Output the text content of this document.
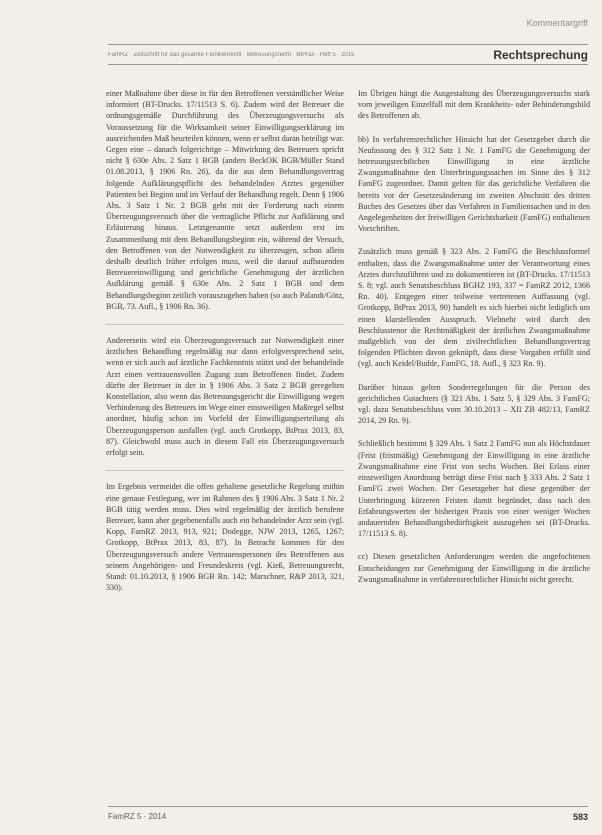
Kommentargriff
FamRZ · Zeitschrift für das gesamte Familienrecht · Betreuungsrecht · BtPrax · Heft 5 · 2015	Rechtsprechung

einer Maßnahme über diese in für den Betroffenen verständlicher Weise informiert (BT-Drucks. 17/11513 S. 6). Zudem wird der Betreuer die ordnungsgemäße Durchführung des Überzeugungsversuchs als Voraussetzung für die Wirksamkeit seiner Einwilligungserklärung im ausreichenden Maß beurteilen können, wenn er selbst daran beteiligt war. Gegen eine – danach folgerichtige – Mitwirkung des Betreuers spricht nicht § 630e Abs. 2 Satz 1 BGB (anders BeckOK BGB/Müller Stand 01.08.2013, § 1906 Rn. 26), da die aus dem Behandlungsvertrag folgende Aufklärungspflicht des behandelnden Arztes gegenüber Patienten bei Beginn und im Verlauf der Behandlung regelt. Denn § 1906 Abs. 3 Satz 1 Nr. 2 BGB geht mit der Forderung nach einem Überzeugungsversuch über die vertragliche Pflicht zur Aufklärung und Erläuterung hinaus. Letztgenannte setzt außerdem erst im Zusammenhang mit dem Behandlungsbeginn ein, während der Versuch, den Betroffenen von der Notwendigkeit zu überzeugen, schon allein deshalb deutlich früher erfolgen muss, weil die darauf aufbauenden Betreuereinwilligung und gerichtliche Genehmigung der ärztlichen Aufklärung gemäß § 630e Abs. 2 Satz 1 BGB und dem Behandlungsbeginn zeitlich vorauszugehen haben (so auch Palandt/Götz, BGB, 73. Aufl., § 1906 Rn. 36).

Andererseits wird ein Überzeugungsversuch zur Notwendigkeit einer ärztlichen Behandlung regelmäßig nur dann erfolgversprechend sein, wenn er sich auch auf ärztliche Fachkenntnis stützt und der behandelnde Arzt einen vertrauensvollen Zugang zum Betroffenen findet. Zudem dürfte der Betreuer in der in § 1906 Abs. 3 Satz 2 BGB geregelten Konstellation, also wenn das Betreuungsgericht die Einwilligung wegen Verhinderung des Betreuers im Wege einer einstweiligen Maßregel selbst anordnet, häufig schon im Vorfeld der Einwilligungserteilung als Überzeugungsperson ausfallen (vgl. auch Grotkopp, BtPrax 2013, 83, 87). Gleichwohl muss auch in diesem Fall ein Überzeugungsversuch erfolgt sein.

Im Ergebnis vermeidet die offen gehaltene gesetzliche Regelung mithin eine genaue Festlegung, wer im Rahmen des § 1906 Abs. 3 Satz 1 Nr. 2 BGB tätig werden muss. Dies wird regelmäßig der ärztlich berufene Betreuer, kann aber gegebenenfalls auch ein behandelnder Arzt sein (vgl. Kopp, FamRZ 2013, 913, 921; Dodegge, NJW 2013, 1265, 1267; Grotkopp, BtPrax 2013, 83, 87). In Betracht kommen für den Überzeugungsversuch andere Vertrauenspersonen des Betroffenen aus seinem Angehörigen- und Freundeskreis (vgl. Kieß, Betreuungsrecht, Stand: 01.10.2013, § 1906 BGB Rn. 142; Marschner, R&P 2013, 321, 330).

Im Übrigen hängt die Ausgestaltung des Überzeugungsversuchs stark vom jeweiligen Einzelfall mit dem Krankheits- oder Behinderungsbild des Betroffenen ab.

bb) In verfahrensrechtlicher Hinsicht hat der Gesetzgeber durch die Neufassung des § 312 Satz 1 Nr. 1 FamFG die Genehmigung der betreuungsrechtlichen Einwilligung in eine ärztliche Zwangsmaßnahme den Unterbringungssachen im Sinne des § 312 FamFG zugeordnet. Damit gelten für das gerichtliche Verfahren die bereits vor der Gesetzesänderung im zweiten Abschnitt des dritten Buches des Gesetzes über das Verfahren in Familiensachen und in den Angelegenheiten der freiwilligen Gerichtsbarkeit (FamFG) enthaltenen Vorschriften.

Zusätzlich muss gemäß § 323 Abs. 2 FamFG die Beschlussformel enthalten, dass die Zwangsmaßnahme unter der Verantwortung eines Arztes durchzuführen und zu dokumentieren ist (BT-Drucks. 17/11513 S. 8; vgl. auch Senatsbeschluss BGHZ 193, 337 = FamRZ 2012, 1366 Rn. 40). Entgegen einer teilweise vertretenen Auffassung (vgl. Grotkopp, BtPrax 2013, 90) handelt es sich hierbei nicht lediglich um einen klarstellenden Ausspruch. Vielmehr wird durch den Beschlusstenor die Rechtmäßigkeit der ärztlichen Zwangsmaßnahme maßgeblich von der dem zivilrechtlichen Behandlungsvertrag folgenden Pflichten davon geknüpft, dass diese Vorgaben erfüllt sind (vgl. auch Keidel/Budde, FamFG, 18. Aufl., § 323 Rn. 9).

Darüber hinaus gelten Sonderregelungen für die Person des gerichtlichen Gutachters (§ 321 Abs. 1 Satz 5, § 329 Abs. 3 FamFG; vgl. dazu Senatsbeschluss vom 30.10.2013 – XII ZB 482/13, FamRZ 2014, 29 Rn. 9).

Schließlich bestimmt § 329 Abs. 1 Satz 2 FamFG nun als Höchstdauer (Frist (fristmäßig) Genehmigung der Einwilligung in eine ärztliche Zwangsmaßnahme eine Frist von sechs Wochen. Bei Erlass einer einstweiligen Anordnung beträgt diese Frist nach § 333 Abs. 2 Satz 1 FamFG zwei Wochen. Der Gesetzgeber hat diese gegenüber der Unterbringung kürzeren Fristen damit begründet, dass nach den Erfahrungswerten der bisherigen Praxis von einer weniger Wochen andauernden Behandlungsbedürftigkeit auszugehen sei (BT-Drucks. 17/11513 S. 8).

cc) Diesen gesetzlichen Anforderungen werden die angefochtenen Entscheidungen zur Genehmigung der Einwilligung in die ärztliche Zwangsmaßnahme in verfahrensrechtlicher Hinsicht nicht gerecht.

FamRZ 5 · 2014	583
